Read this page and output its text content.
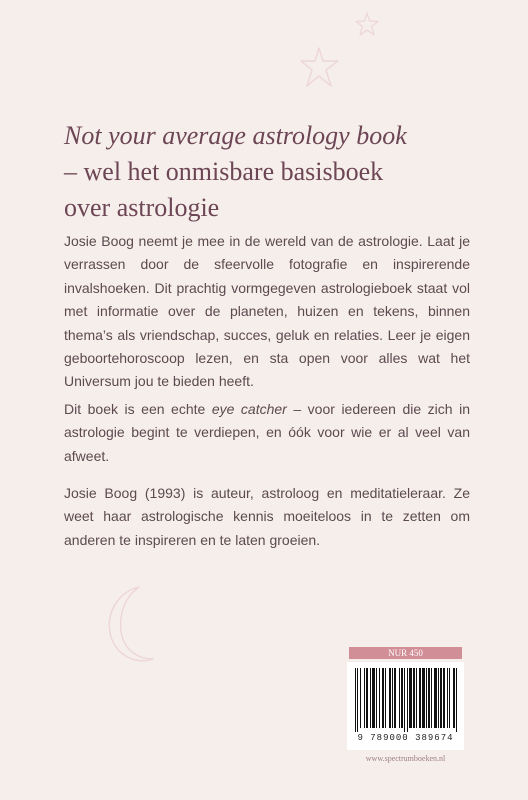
Not your average astrology book
– wel het onmisbare basisboek
over astrologie

Josie Boog neemt je mee in de wereld van de astrologie. Laat je verrassen door de sfeervolle fotografie en inspirerende invalshoeken. Dit prachtig vormgegeven astrologieboek staat vol met informatie over de planeten, huizen en tekens, binnen thema’s als vriendschap, succes, geluk en relaties. Leer je eigen geboortehoroscoop lezen, en sta open voor alles wat het Universum jou te bieden heeft.

Dit boek is een echte eye catcher – voor iedereen die zich in astrologie begint te verdiepen, en óók voor wie er al veel van afweet.

Josie Boog (1993) is auteur, astroloog en meditatieleraar. Ze weet haar astrologische kennis moeiteloos in te zetten om anderen te inspireren en te laten groeien.

NUR 450
9 789000 389674
www.spectrumboeken.nl
